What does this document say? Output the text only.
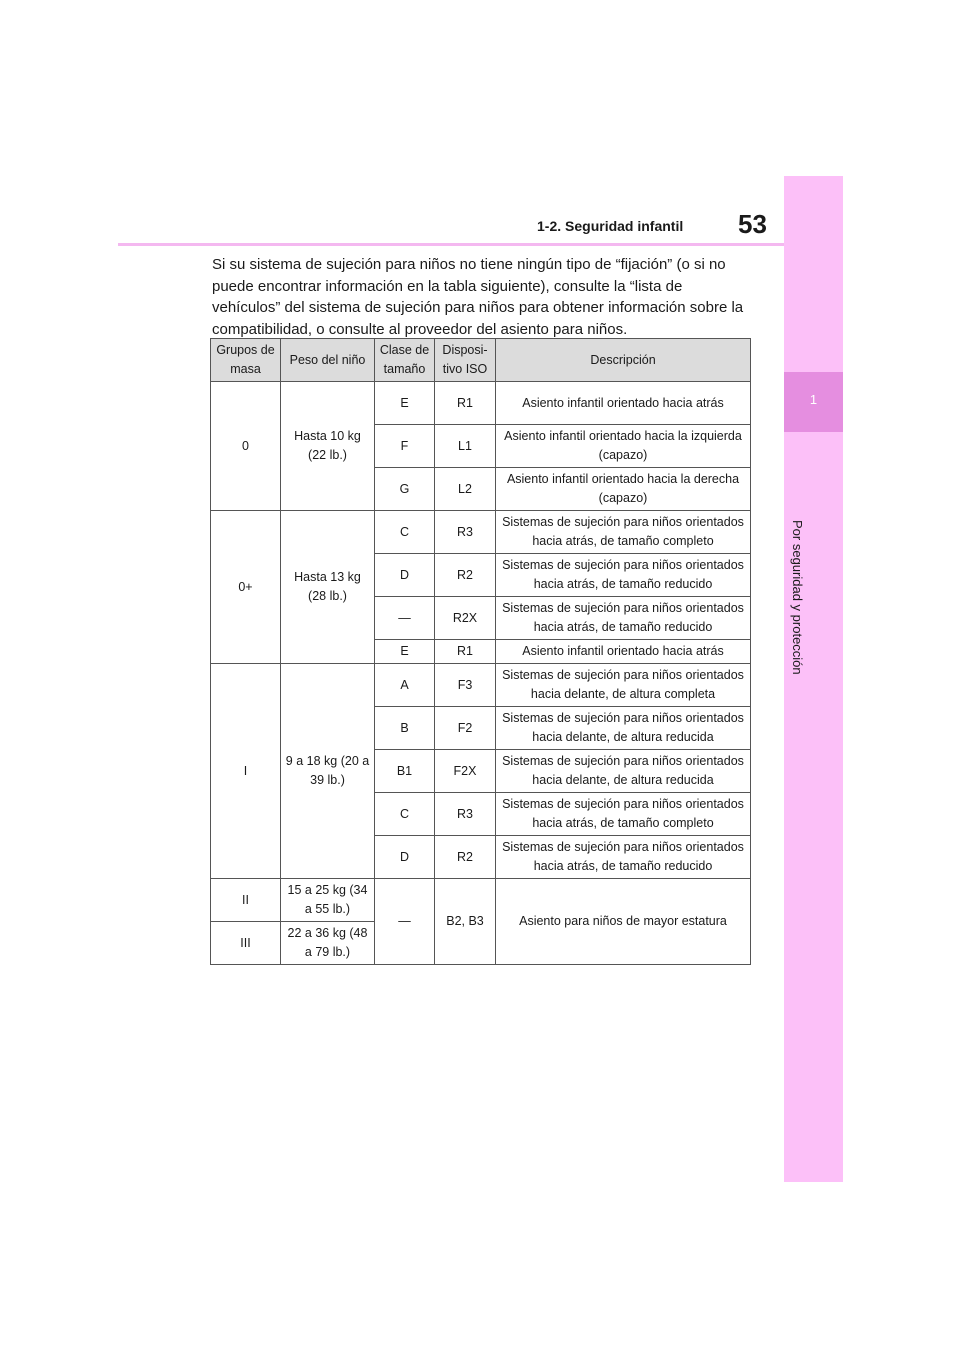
1
Por seguridad y protección
53
1-2. Seguridad infantil

Si su sistema de sujeción para niños no tiene ningún tipo de “fijación” (o si no puede encontrar información en la tabla siguiente), consulte la “lista de vehículos” del sistema de sujeción para niños para obtener información sobre la compatibilidad, o consulte al proveedor del asiento para niños.

Grupos de masa	Peso del niño	Clase de tamaño	Disposi-tivo ISO	Descripción
0	Hasta 10 kg (22 lb.)	E	R1	Asiento infantil orientado hacia atrás
		F	L1	Asiento infantil orientado hacia la izquierda (capazo)
		G	L2	Asiento infantil orientado hacia la derecha (capazo)
0+	Hasta 13 kg (28 lb.)	C	R3	Sistemas de sujeción para niños orientados hacia atrás, de tamaño completo
		D	R2	Sistemas de sujeción para niños orientados hacia atrás, de tamaño reducido
		—	R2X	Sistemas de sujeción para niños orientados hacia atrás, de tamaño reducido
		E	R1	Asiento infantil orientado hacia atrás
I	9 a 18 kg (20 a 39 lb.)	A	F3	Sistemas de sujeción para niños orientados hacia delante, de altura completa
		B	F2	Sistemas de sujeción para niños orientados hacia delante, de altura reducida
		B1	F2X	Sistemas de sujeción para niños orientados hacia delante, de altura reducida
		C	R3	Sistemas de sujeción para niños orientados hacia atrás, de tamaño completo
		D	R2	Sistemas de sujeción para niños orientados hacia atrás, de tamaño reducido
II	15 a 25 kg (34 a 55 lb.)	—	B2, B3	Asiento para niños de mayor estatura
III	22 a 36 kg (48 a 79 lb.)			
